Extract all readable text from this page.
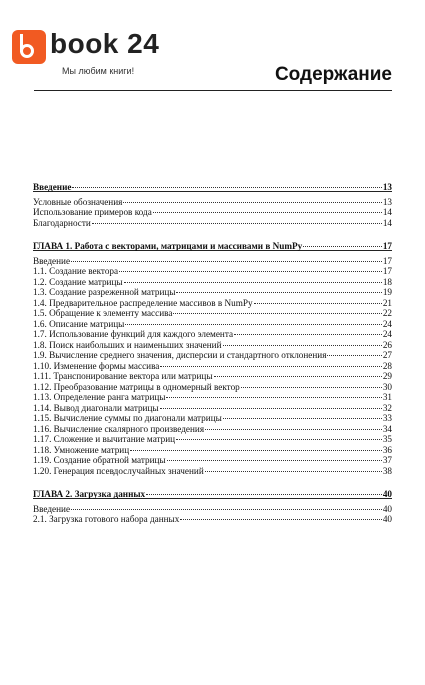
book 24
Мы любим книги!	Содержание
Введение	13
Условные обозначения	13
Использование примеров кода	14
Благодарности	14
ГЛАВА 1. Работа с векторами, матрицами и массивами в NumPy	17
Введение	17
1.1. Создание вектора	17
1.2. Создание матрицы	18
1.3. Создание разреженной матрицы	19
1.4. Предварительное распределение массивов в NumPy	21
1.5. Обращение к элементу массива	22
1.6. Описание матрицы	24
1.7. Использование функций для каждого элемента	24
1.8. Поиск наибольших и наименьших значений	26
1.9. Вычисление среднего значения, дисперсии и стандартного отклонения	27
1.10. Изменение формы массива	28
1.11. Транспонирование вектора или матрицы	29
1.12. Преобразование матрицы в одномерный вектор	30
1.13. Определение ранга матрицы	31
1.14. Вывод диагонали матрицы	32
1.15. Вычисление суммы по диагонали матрицы	33
1.16. Вычисление скалярного произведения	34
1.17. Сложение и вычитание матриц	35
1.18. Умножение матриц	36
1.19. Создание обратной матрицы	37
1.20. Генерация псевдослучайных значений	38
ГЛАВА 2. Загрузка данных	40
Введение	40
2.1. Загрузка готового набора данных	40
